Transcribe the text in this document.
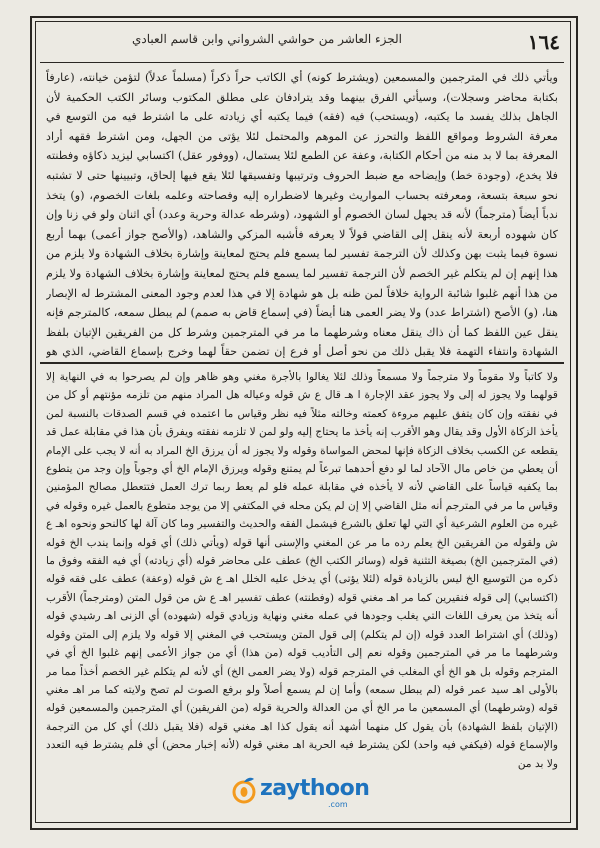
١٦٤
الجزء العاشر من حواشي الشرواني وابن قاسم العبادي
ويأتي ذلك في المترجمين والمسمعين (ويشترط كونه) أي الكاتب حراً ذكراً (مسلماً عدلاً) لتؤمن خيانته، (عارفاً بكتابة محاضر وسجلات)، وسيأتي الفرق بينهما وقد يترادفان على مطلق المكتوب وسائر الكتب الحكمية لأن الجاهل بذلك يفسد ما يكتبه، (ويستحب) فيه (فقه) فيما يكتبه أي زيادته على ما اشترط فيه من التوسع في معرفة الشروط ومواقع اللفظ والتحرز عن الموهم والمحتمل لئلا يؤتى من الجهل، ومن اشترط فقهه أراد المعرفة بما لا بد منه من أحكام الكتابة، وعفة عن الطمع لئلا يستمال، (ووفور عقل) اكتسابي ليزيد ذكاؤه وفطنته فلا يخدع، (وجودة خط) وإيضاحه مع ضبط الحروف وترتيبها وتفسيقها لئلا يقع فيها إلحاق، وتبيينها حتى لا تشتبه نحو سبعة بتسعة، ومعرفته بحساب المواريث وغيرها لاضطراره إليه وفصاحته وعلمه بلغات الخصوم، (و) يتخذ ندباً أيضاً (مترجماً) لأنه قد يجهل لسان الخصوم أو الشهود، (وشرطه عدالة وحرية وعدد) أي اثنان ولو في زنا وإن كان شهوده أربعة لأنه ينقل إلى القاضي قولاً لا يعرفه فأشبه المزكي والشاهد، (والأصح جواز أعمى) بهما أربع نسوة فيما يثبت بهن وكذلك لأن الترجمة تفسير لما يسمع فلم يحتج لمعاينة وإشارة بخلاف الشهادة ولا يلزم من هذا إنهم إن لم يتكلم غير الخصم لأن الترجمة تفسير لما يسمع فلم يحتج لمعاينة وإشارة بخلاف الشهادة ولا يلزم من هذا أنهم غلبوا شائبة الرواية خلافاً لمن ظنه بل هو شهادة إلا في هذا لعدم وجود المعنى المشترط له الإبصار هنا، (و) الأصح (اشتراط عدد) ولا يضر العمى هنا أيضاً (في إسماع قاض به صمم) لم يبطل سمعه، كالمترجم فإنه ينقل عين اللفظ كما أن ذاك ينقل معناه وشرطهما ما مر في المترجمين وشرط كل من الفريقين الإتيان بلفظ الشهادة وانتفاء التهمة فلا يقبل ذلك من نحو أصل أو فرع إن تضمن حقاً لهما وخرج بإسماع القاضي، الذي هو
ولا كاتباً ولا مقوماً ولا مترجماً ولا مسمعاً وذلك لئلا يغالوا بالأجرة مغني وهو ظاهر وإن لم يصرحوا به في النهاية إلا قولهما ولا يجوز له إلى ولا يجوز عقد الإجارة ا هـ قال ع ش قوله وعياله هل المراد منهم من تلزمه مؤنتهم أو كل من في نفقته وإن كان يتفق عليهم مروءة كعمته وخالته مثلاً فيه نظر وقياس ما اعتمده في قسم الصدقات بالنسبة لمن يأخذ الزكاة الأول وقد يقال وهو الأقرب إنه يأخذ ما يحتاج إليه ولو لمن لا تلزمه نفقته ويفرق بأن هذا في مقابلة عمل قد يقطعه عن الكسب بخلاف الزكاة فإنها لمحض المواساة وقوله ولا يجوز له أن يرزق الخ المراد به أنه لا يجب على الإمام أن يعطي من خاص مال الآحاد لما لو دفع أحدهما تبرعاً لم يمتنع وقوله ويرزق الإمام الخ أي وجوباً وإن وجد من يتطوع بما يكفيه قياساً على القاضي لأنه لا يأخذه في مقابلة عمله فلو لم يعط ربما ترك العمل فتتعطل مصالح المؤمنين وقياس ما مر في المترجم أنه مثل القاضي إلا إن لم يكن محله في المكتفي إلا من يوجد متطوع بالعمل غيره وقوله في غيره من العلوم الشرعية أي التي لها تعلق بالشرع فيشمل الفقه والحديث والتفسير وما كان آلة لها كالنحو ونحوه اهـ ع ش ولقوله من الفريقين الخ يعلم رده ما مر عن المغني والإسنى أنها قوله (ويأتي ذلك) أي قوله وإنما يندب الخ قوله (في المترجمين الخ) بصيغة التثنية قوله (وسائر الكتب الخ) عطف على محاضر قوله (أي زيادته) أي فيه الفقه وفوق ما ذكره من التوسيع الخ ليس بالزيادة قوله (لئلا يؤتى) أي يدخل عليه الخلل اهـ ع ش قوله (وعفة) عطف على فقه قوله (اكتسابي) إلى قوله فنقيرين كما مر اهـ مغني قوله (وفطنته) عطف تفسير اهـ ع ش من قول المتن (ومترجماً) الأقرب أنه يتخذ من يعرف اللغات التي يغلب وجودها في عمله مغني ونهاية وزيادي قوله (شهوده) أي الزنى اهـ رشيدي قوله (وذلك) أي اشتراط العدد قوله (إن لم يتكلم) إلى قول المتن ويستحب في المغني إلا قوله ولا يلزم إلى المتن وقوله وشرطهما ما مر في المترجمين وقوله نعم إلى التأديب قوله (من هذا) أي من جواز الأعمى إنهم غلبوا الخ أي في المترجم وقوله بل هو الخ أي المغلب في المترجم قوله (ولا يضر العمى الخ) أي لأنه لم يتكلم غير الخصم أخذاً مما مر بالأولى اهـ سيد عمر قوله (لم يبطل سمعه) وأما إن لم يسمع أصلاً ولو برفع الصوت لم تصح ولايته كما مر اهـ مغني قوله (وشرطهما) أي المسمعين ما مر الخ أي من العدالة والحرية قوله (من الفريقين) أي المترجمين والمسمعين قوله (الإتيان بلفظ الشهادة) بأن يقول كل منهما أشهد أنه يقول كذا اهـ مغني قوله (فلا يقبل ذلك) أي كل من الترجمة والإسماع قوله (فيكفي فيه واحد) لكن يشترط فيه الحرية اهـ مغني قوله (لأنه إخبار محض) أي فلم يشترط فيه التعدد ولا بد من
zaythoon
.com
